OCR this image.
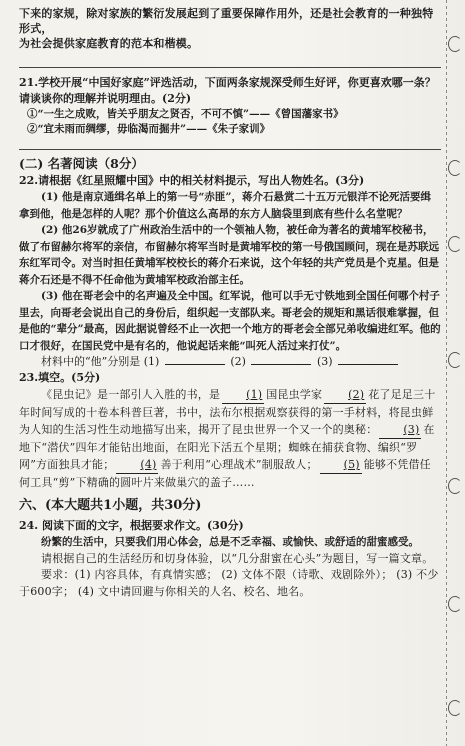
下来的家规，除对家族的繁衍发展起到了重要保障作用外，还是社会教育的一种独特形式，

为社会提供家庭教育的范本和楷模。

21.学校开展“中国好家庭”评选活动，下面两条家规深受师生好评，你更喜欢哪一条？

请谈谈你的理解并说明理由。(2分)

①“一生之成败，皆关乎朋友之贤否，不可不慎”——《曾国藩家书》

②“宜未雨而绸缪，毋临渴而掘井”——《朱子家训》

(二) 名著阅读（8分）

22.请根据《红星照耀中国》中的相关材料提示，写出人物姓名。(3分)

(1) 他是南京通缉名单上的第一号“赤匪”，蒋介石悬赏二十五万元银洋不论死活要缉拿到他，他是怎样的人呢？那个价值这么高昂的东方人脑袋里到底有些什么名堂呢？

(2) 他26岁就成了广州政治生活中的一个领袖人物，被任命为著名的黄埔军校秘书，做了布留赫尔将军的亲信，布留赫尔将军当时是黄埔军校的第一号俄国顾问，现在是苏联远东红军司令。对当时担任黄埔军校校长的蒋介石来说，这个年轻的共产党员是个克星。但是蒋介石还是不得不任命他为黄埔军校政治部主任。

(3) 他在哥老会中的名声遍及全中国。红军说，他可以手无寸铁地到全国任何哪个村子里去，向哥老会说出自己的身份后，组织起一支部队来。哥老会的规矩和黑话很难掌握，但是他的“辈分”最高，因此据说曾经不止一次把一个地方的哥老会全部兄弟收编进红军。他的口才很好，在国民党中是有名的，他说起话来能“叫死人活过来打仗”。

材料中的“他”分别是 (1)	(2)	(3)

23.填空。(5分)

《昆虫记》是一部引人入胜的书，是 (1) 国昆虫学家 (2) 花了足足三十年时间写成的十卷本科普巨著，书中，法布尔根据观察获得的第一手材料，将昆虫鲜为人知的生活习性生动地描写出来，揭开了昆虫世界一个又一个的奥秘： (3) 在地下“潜伏”四年才能钻出地面，在阳光下活五个星期；蜘蛛在捕获食物、编织“罗网”方面独具才能； (4) 善于利用“心理战术”制服敌人； (5) 能够不凭借任何工具“剪”下精确的圆叶片来做巢穴的盖子……

六、(本大题共1小题，共30分)

24. 阅读下面的文字，根据要求作文。(30分)

纷繁的生活中，只要我们用心体会，总是不乏幸福、或愉快、或舒适的甜蜜感受。

请根据自己的生活经历和切身体验，以“几分甜蜜在心头”为题目，写一篇文章。

要求：(1) 内容具体，有真情实感； (2) 文体不限（诗歌、戏剧除外）； (3) 不少于600字； (4) 文中请回避与你相关的人名、校名、地名。
